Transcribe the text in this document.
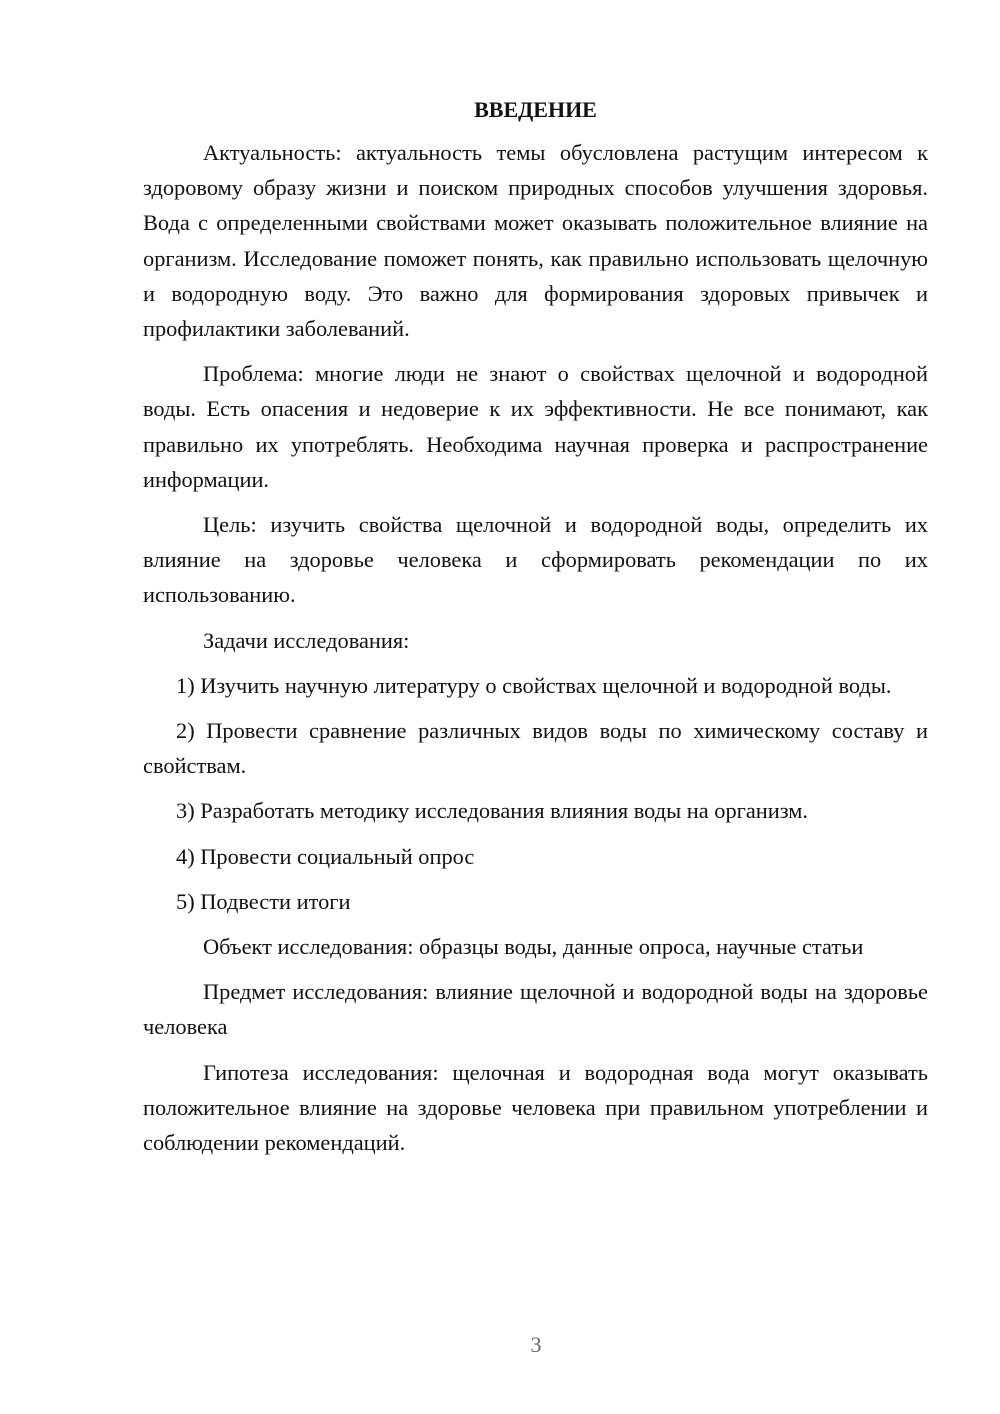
ВВЕДЕНИЕ

Актуальность: актуальность темы обусловлена растущим интересом к здоровому образу жизни и поиском природных способов улучшения здоровья. Вода с определенными свойствами может оказывать положительное влияние на организм. Исследование поможет понять, как правильно использовать щелочную и водородную воду. Это важно для формирования здоровых привычек и профилактики заболеваний.

Проблема: многие люди не знают о свойствах щелочной и водородной воды. Есть опасения и недоверие к их эффективности. Не все понимают, как правильно их употреблять. Необходима научная проверка и распространение информации.

Цель: изучить свойства щелочной и водородной воды, определить их влияние на здоровье человека и сформировать рекомендации по их использованию.

Задачи исследования:

1) Изучить научную литературу о свойствах щелочной и водородной воды.

2) Провести сравнение различных видов воды по химическому составу и свойствам.

3) Разработать методику исследования влияния воды на организм.

4) Провести социальный опрос

5) Подвести итоги

Объект исследования: образцы воды, данные опроса, научные статьи

Предмет исследования: влияние щелочной и водородной воды на здоровье человека

Гипотеза исследования: щелочная и водородная вода могут оказывать положительное влияние на здоровье человека при правильном употреблении и соблюдении рекомендаций.

3
